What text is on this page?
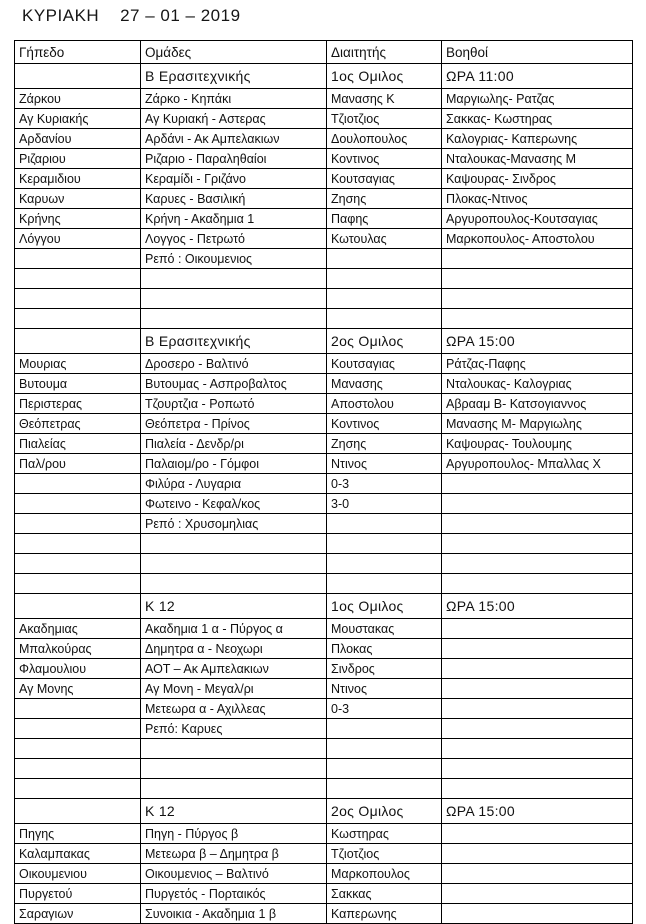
ΚΥΡΙΑΚΗ    27 – 01 – 2019
Γήπεδο	Ομάδες	Διαιτητής	Βοηθοί
	Β Ερασιτεχνικής	1ος Ομιλος	ΩΡΑ 11:00
Ζάρκου	Ζάρκο - Κηπάκι	Μανασης Κ	Μαργιωλης- Ρατζας
Αγ Κυριακής	Αγ Κυριακή - Αστερας	Τζιοτζιος	Σακκας- Κωστηρας
Αρδανίου	Αρδάνι - Ακ Αμπελακιων	Δουλοπουλος	Καλογριας- Καπερωνης
Ριζαριου	Ριζαριο - Παραληθαίοι	Κοντινος	Νταλουκας-Μανασης Μ
Κεραμιδιου	Κεραμίδι - Γριζάνο	Κουτσαγιας	Καψουρας- Σινδρος
Καρυων	Καρυες - Βασιλική	Ζησης	Πλοκας-Ντινος
Κρήνης	Κρήνη - Ακαδημια 1	Παφης	Αργυροπουλος-Κουτσαγιας
Λόγγου	Λογγος - Πετρωτό	Κωτουλας	Μαρκοπουλος- Αποστολου
	Ρεπό : Οικουμενιος		

	Β Ερασιτεχνικής	2ος Ομιλος	ΩΡΑ 15:00
Μουριας	Δροσερο - Βαλτινό	Κουτσαγιας	Ράτζας-Παφης
Βυτουμα	Βυτουμας - Ασπροβαλτος	Μανασης	Νταλουκας- Καλογριας
Περιστερας	Τζουρτζια - Ρoπωτό	Αποστολου	Αβρααμ Β- Κατσογιαννος
Θεόπετρας	Θεόπετρα - Πρίνος	Κοντινος	Μανασης Μ- Μαργιωλης
Πιαλείας	Πιαλεία - Δενδρ/ρι	Ζησης	Καψουρας- Τουλουμης
Παλ/ρου	Παλαιομ/ρο - Γόμφοι	Ντινος	Αργυροπουλος- Μπαλλας Χ
	Φιλύρα - Λυγαρια	0-3	
	Φωτεινο - Κεφαλ/κος	3-0	
	Ρεπό : Χρυσομηλιας		

	Κ 12	1ος Ομιλος	ΩΡΑ 15:00
Ακαδημιας	Ακαδημια 1 α - Πύργος α	Μουστακας	
Μπαλκούρας	Δημητρα α - Νεοχωρι	Πλοκας	
Φλαμουλιου	ΑΟΤ – Ακ Αμπελακιων	Σινδρος	
Αγ Μονης	Αγ Μονη - Μεγαλ/ρι	Ντινος	
	Μετεωρα α - Αχιλλεας	0-3	
	Ρεπό: Καρυες		

	Κ 12	2ος Ομιλος	ΩΡΑ 15:00
Πηγης	Πηγη - Πύργος β	Κωστηρας	
Καλαμπακας	Μετεωρα β – Δημητρα β	Τζιοτζιος	
Οικουμενιου	Οικουμενιος – Βαλτινό	Μαρκοπουλος	
Πυργετού	Πυργετός - Πορταικός	Σακκας	
Σαραγιων	Συνοικια - Ακαδημια 1 β	Καπερωνης	
